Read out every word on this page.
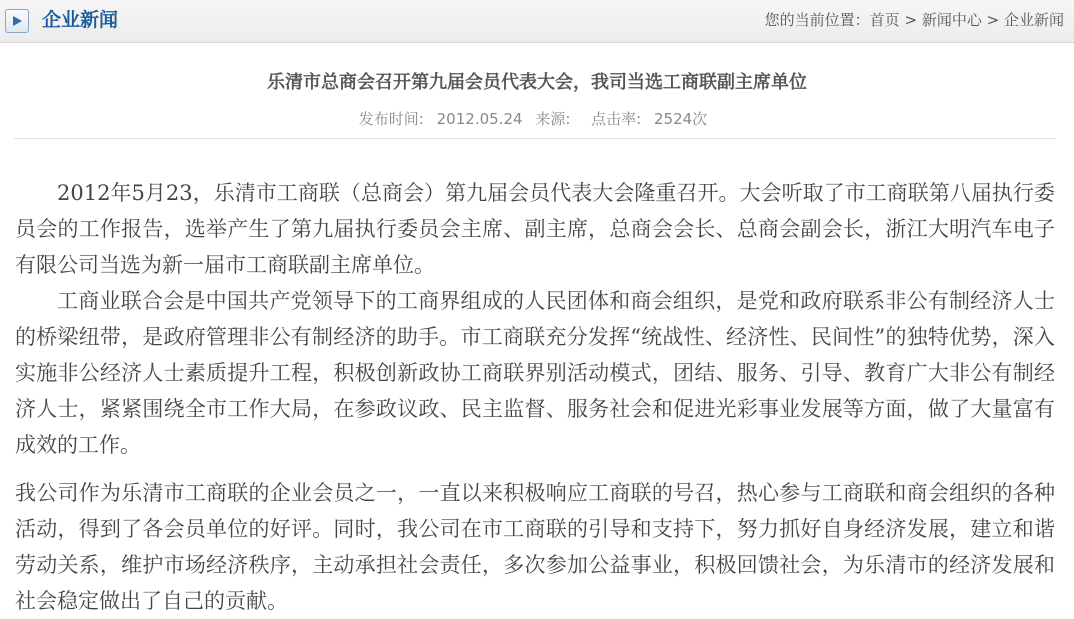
企业新闻	您的当前位置：首页 > 新闻中心 > 企业新闻
乐清市总商会召开第九届会员代表大会，我司当选工商联副主席单位
发布时间: 2012.05.24 来源: 点击率: 2524次

2012年5月23，乐清市工商联（总商会）第九届会员代表大会隆重召开。大会听取了市工商联第八届执行委员会的工作报告，选举产生了第九届执行委员会主席、副主席，总商会会长、总商会副会长，浙江大明汽车电子有限公司当选为新一届市工商联副主席单位。

工商业联合会是中国共产党领导下的工商界组成的人民团体和商会组织，是党和政府联系非公有制经济人士的桥梁纽带，是政府管理非公有制经济的助手。市工商联充分发挥“统战性、经济性、民间性”的独特优势，深入实施非公经济人士素质提升工程，积极创新政协工商联界别活动模式，团结、服务、引导、教育广大非公有制经济人士，紧紧围绕全市工作大局，在参政议政、民主监督、服务社会和促进光彩事业发展等方面，做了大量富有成效的工作。

我公司作为乐清市工商联的企业会员之一，一直以来积极响应工商联的号召，热心参与工商联和商会组织的各种活动，得到了各会员单位的好评。同时，我公司在市工商联的引导和支持下，努力抓好自身经济发展，建立和谐劳动关系，维护市场经济秩序，主动承担社会责任，多次参加公益事业，积极回馈社会，为乐清市的经济发展和社会稳定做出了自己的贡献。
